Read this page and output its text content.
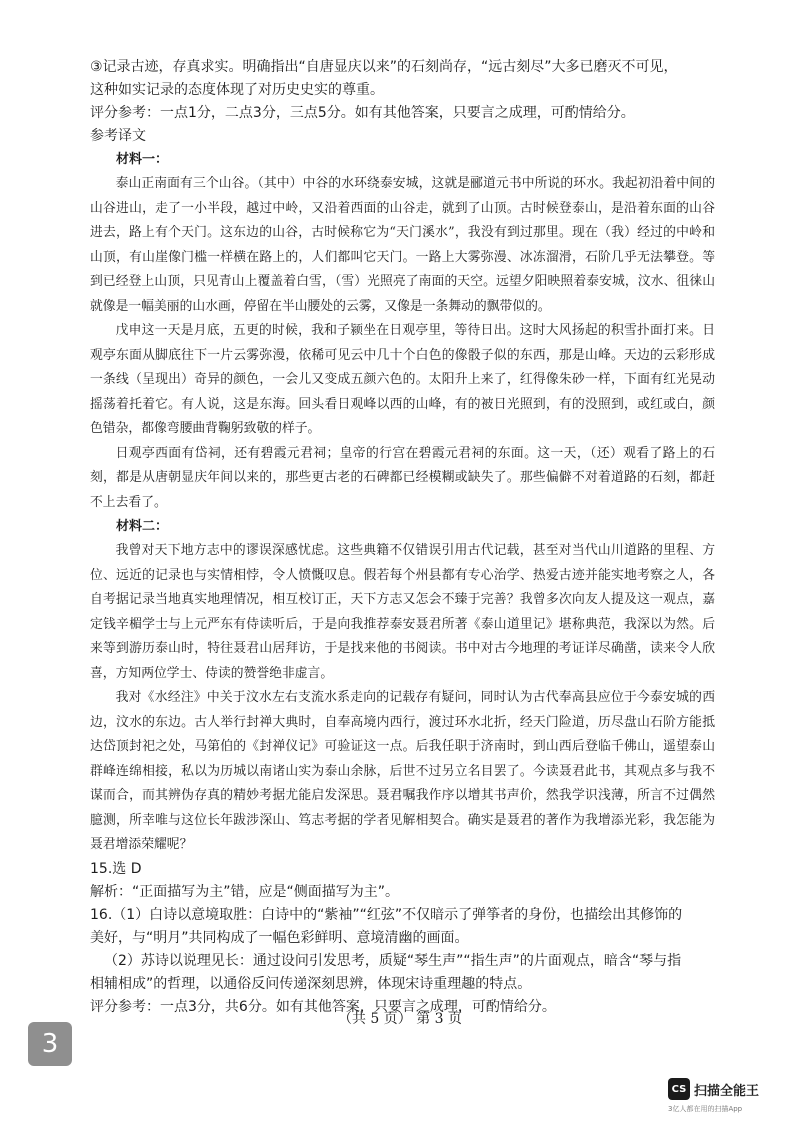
③记录古迹，存真求实。明确指出“自唐显庆以来”的石刻尚存，“远古刻尽”大多已磨灭不可见，

这种如实记录的态度体现了对历史史实的尊重。

评分参考：一点1分，二点3分，三点5分。如有其他答案，只要言之成理，可酌情给分。

参考译文

材料一：

泰山正南面有三个山谷。（其中）中谷的水环绕泰安城，这就是郦道元书中所说的环水。我起初沿着中间的山谷进山，走了一小半段，越过中岭，又沿着西面的山谷走，就到了山顶。古时候登泰山，是沿着东面的山谷进去，路上有个天门。这东边的山谷，古时候称它为“天门溪水”，我没有到过那里。现在（我）经过的中岭和山顶，有山崖像门槛一样横在路上的，人们都叫它天门。一路上大雾弥漫、冰冻溜滑，石阶几乎无法攀登。等到已经登上山顶，只见青山上覆盖着白雪，（雪）光照亮了南面的天空。远望夕阳映照着泰安城，汶水、徂徕山就像是一幅美丽的山水画，停留在半山腰处的云雾，又像是一条舞动的飘带似的。

戊申这一天是月底，五更的时候，我和子颍坐在日观亭里，等待日出。这时大风扬起的积雪扑面打来。日观亭东面从脚底往下一片云雾弥漫，依稀可见云中几十个白色的像骰子似的东西，那是山峰。天边的云彩形成一条线（呈现出）奇异的颜色，一会儿又变成五颜六色的。太阳升上来了，红得像朱砂一样，下面有红光晃动摇荡着托着它。有人说，这是东海。回头看日观峰以西的山峰，有的被日光照到，有的没照到，或红或白，颜色错杂，都像弯腰曲背鞠躬致敬的样子。

日观亭西面有岱祠，还有碧霞元君祠；皇帝的行宫在碧霞元君祠的东面。这一天，（还）观看了路上的石刻，都是从唐朝显庆年间以来的，那些更古老的石碑都已经模糊或缺失了。那些偏僻不对着道路的石刻，都赶不上去看了。

材料二：

我曾对天下地方志中的谬误深感忧虑。这些典籍不仅错误引用古代记载，甚至对当代山川道路的里程、方位、远近的记录也与实情相悖，令人愤慨叹息。假若每个州县都有专心治学、热爱古迹并能实地考察之人，各自考据记录当地真实地理情况，相互校订正，天下方志又怎会不臻于完善？我曾多次向友人提及这一观点，嘉定钱辛楣学士与上元严东有侍读听后，于是向我推荐泰安聂君所著《泰山道里记》堪称典范，我深以为然。后来等到游历泰山时，特往聂君山居拜访，于是找来他的书阅读。书中对古今地理的考证详尽确凿，读来令人欣喜，方知两位学士、侍读的赞誉绝非虚言。

我对《水经注》中关于汶水左右支流水系走向的记载存有疑问，同时认为古代奉高县应位于今泰安城的西边，汶水的东边。古人举行封禅大典时，自奉高境内西行，渡过环水北折，经天门险道，历尽盘山石阶方能抵达岱顶封祀之处，马第伯的《封禅仪记》可验证这一点。后我任职于济南时，到山西后登临千佛山，遥望泰山群峰连绵相接，私以为历城以南诸山实为泰山余脉，后世不过另立名目罢了。今读聂君此书，其观点多与我不谋而合，而其辨伪存真的精妙考据尤能启发深思。聂君嘱我作序以增其书声价，然我学识浅薄，所言不过偶然臆测，所幸唯与这位长年跋涉深山、笃志考据的学者见解相契合。确实是聂君的著作为我增添光彩，我怎能为聂君增添荣耀呢？

15.选 D

解析：“正面描写为主”错，应是“侧面描写为主”。

16.（1）白诗以意境取胜：白诗中的“紫袖”“红弦”不仅暗示了弹筝者的身份，也描绘出其修饰的

美好，与“明月”共同构成了一幅色彩鲜明、意境清幽的画面。

（2）苏诗以说理见长：通过设问引发思考，质疑“琴生声”“指生声”的片面观点，暗含“琴与指

相辅相成”的哲理，以通俗反问传递深刻思辨，体现宋诗重理趣的特点。

评分参考：一点3分，共6分。如有其他答案，只要言之成理，可酌情给分。

（共 5 页） 第 3 页
3
CS 扫描全能王
3亿人都在用的扫描App
